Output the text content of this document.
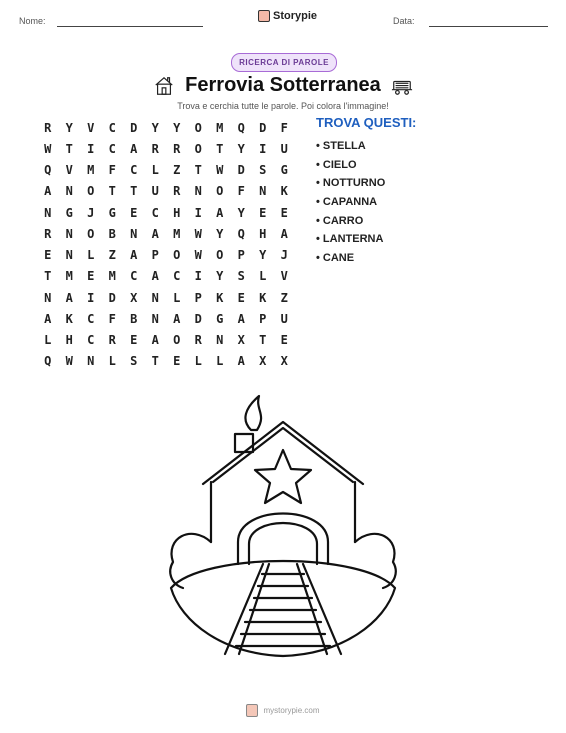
Nome:	Storypie	Data:
RICERCA DI PAROLE
Ferrovia Sotterranea
Trova e cerchia tutte le parole. Poi colora l'immagine!
R	Y	V	C	D	Y	Y	O	M	Q	D	F
W	T	I	C	A	R	R	O	T	Y	I	U
Q	V	M	F	C	L	Z	T	W	D	S	G
A	N	O	T	T	U	R	N	O	F	N	K
N	G	J	G	E	C	H	I	A	Y	E	E
R	N	O	B	N	A	M	W	Y	Q	H	A
E	N	L	Z	A	P	O	W	O	P	Y	J
T	M	E	M	C	A	C	I	Y	S	L	V
N	A	I	D	X	N	L	P	K	E	K	Z
A	K	C	F	B	N	A	D	G	A	P	U
L	H	C	R	E	A	O	R	N	X	T	E
Q	W	N	L	S	T	E	L	L	A	X	X
TROVA QUESTI:
• STELLA
• CIELO
• NOTTURNO
• CAPANNA
• CARRO
• LANTERNA
• CANE
mystorypie.com
